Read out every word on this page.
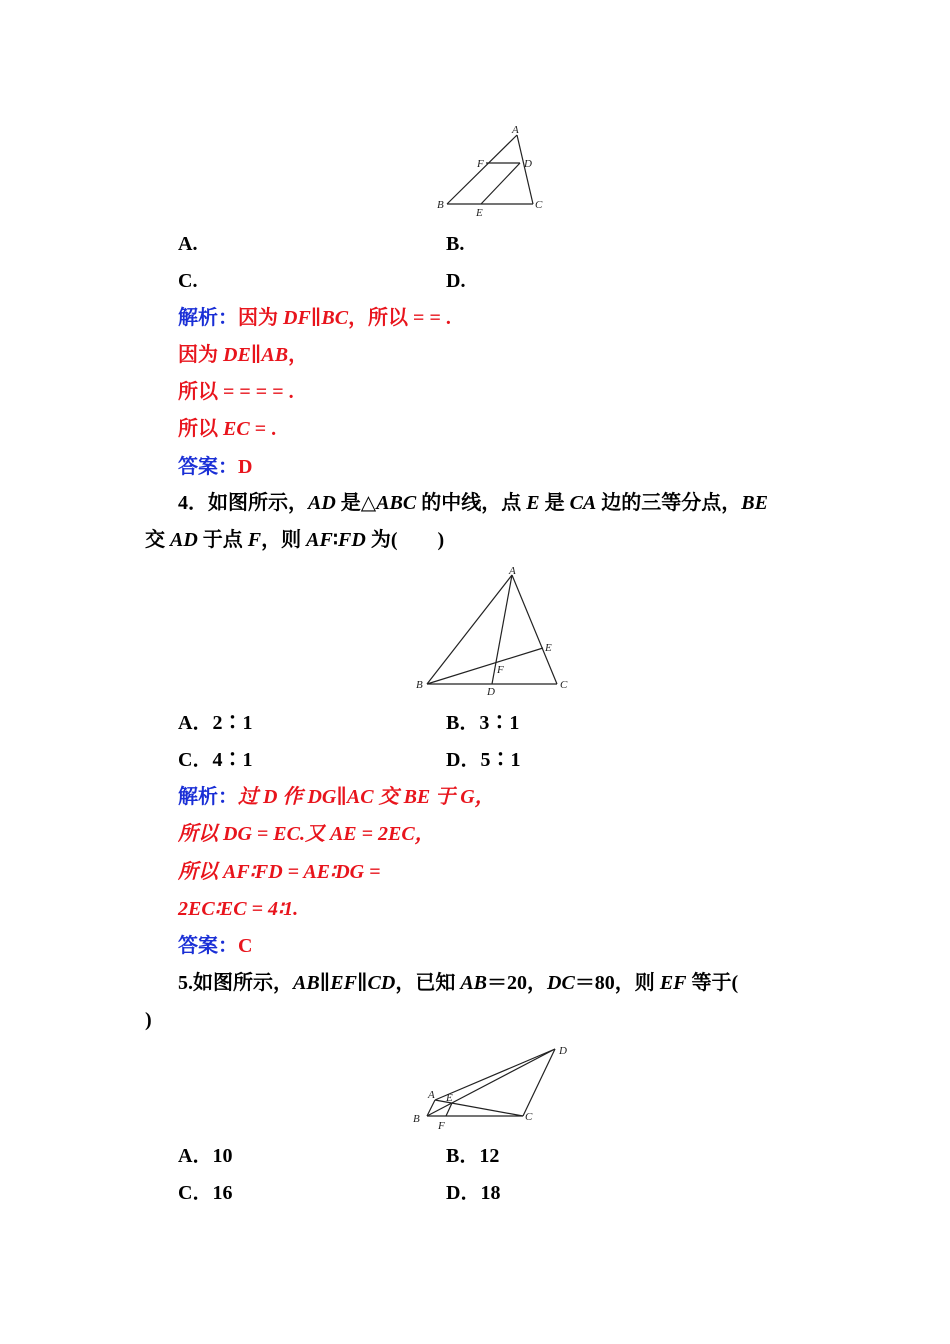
A
F	D
B
E
C
A.	B.
C.	D.
解析：因为 DF∥BC，所以 = = .
因为 DE∥AB，
所以 = = = = .
所以 EC = .
答案：D
4．如图所示，AD 是△ABC 的中线，点 E 是 CA 边的三等分点，BE
交 AD 于点 F，则 AF∶FD 为(　　)
A
E
F
B
D
C
A．2∶1	B．3∶1
C．4∶1	D．5∶1
解析：过 D 作 DG∥AC 交 BE 于 G，
所以 DG = EC.又 AE = 2EC，
所以 AF∶FD = AE∶DG =
2EC∶EC = 4∶1.
答案：C
5.如图所示，AB∥EF∥CD，已知 AB＝20，DC＝80，则 EF 等于(
)
A E
D
B
F
C
A．10	B．12
C．16	D．18
